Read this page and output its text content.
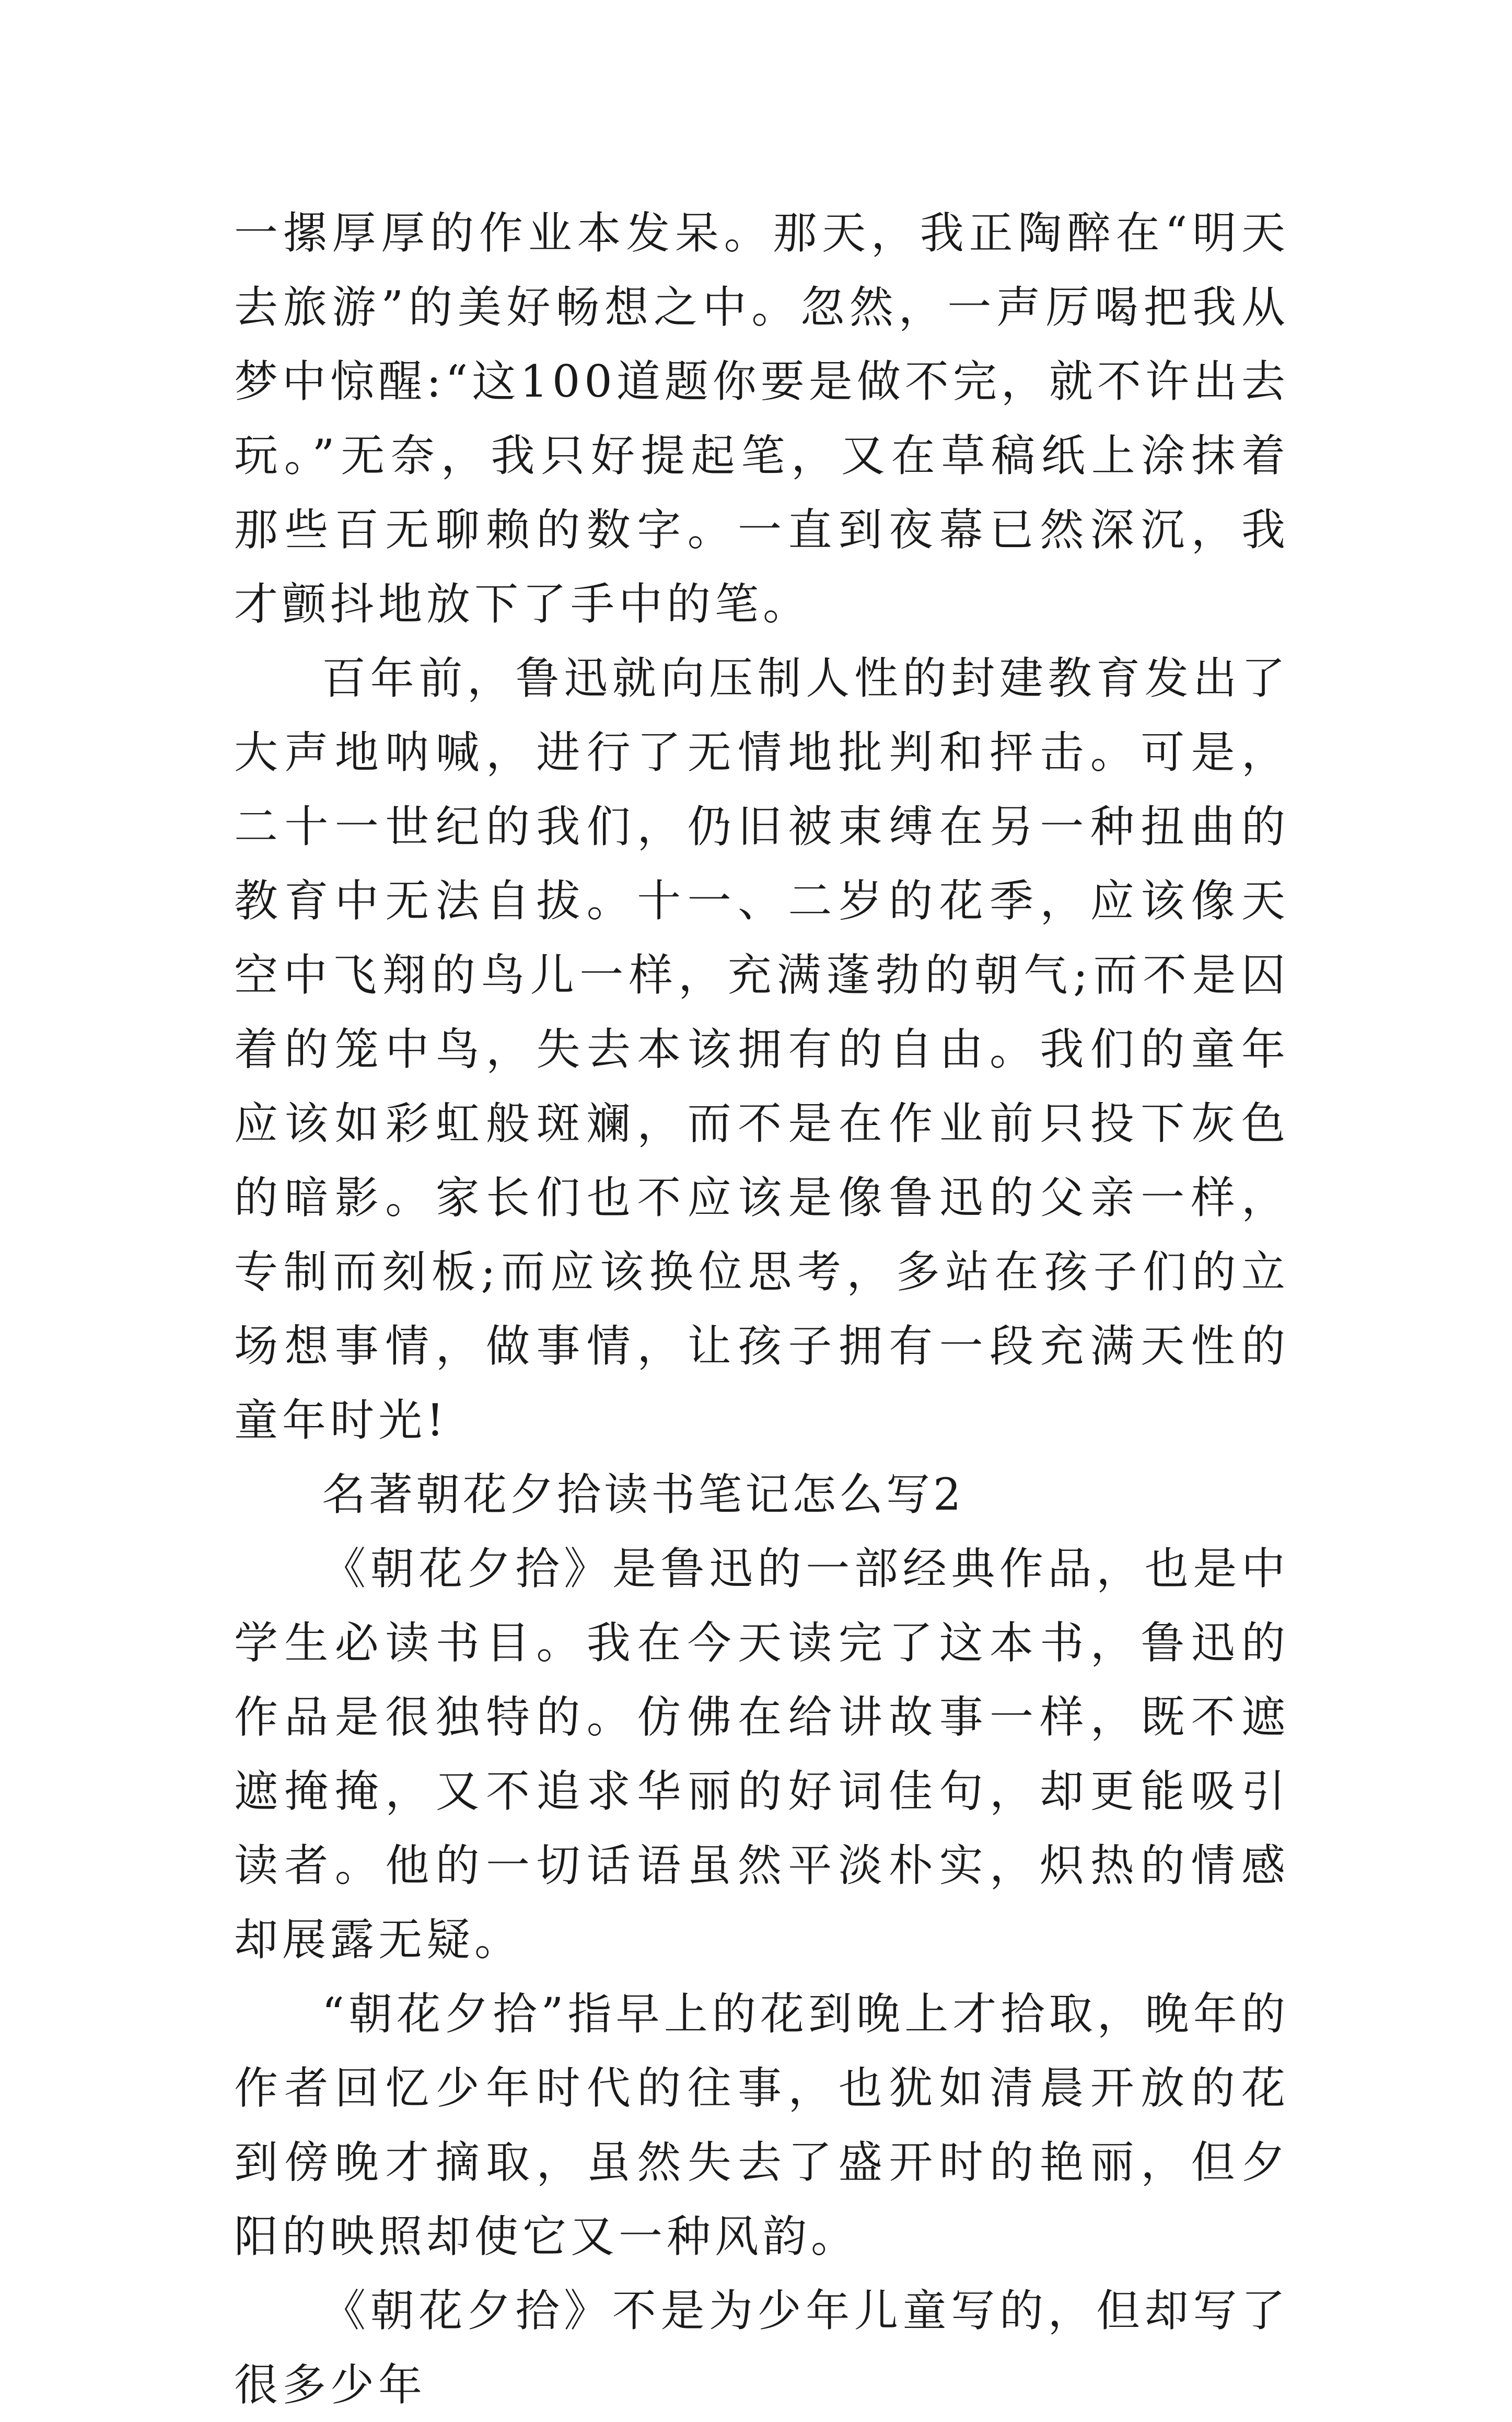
一摞厚厚的作业本发呆。那天，我正陶醉在“明天去旅游”的美好畅想之中。忽然，一声厉喝把我从梦中惊醒:“这100道题你要是做不完，就不许出去玩。”无奈，我只好提起笔，又在草稿纸上涂抹着那些百无聊赖的数字。一直到夜幕已然深沉，我才颤抖地放下了手中的笔。

百年前，鲁迅就向压制人性的封建教育发出了大声地呐喊，进行了无情地批判和抨击。可是，二十一世纪的我们，仍旧被束缚在另一种扭曲的教育中无法自拔。十一、二岁的花季，应该像天空中飞翔的鸟儿一样，充满蓬勃的朝气;而不是囚着的笼中鸟，失去本该拥有的自由。我们的童年应该如彩虹般斑斓，而不是在作业前只投下灰色的暗影。家长们也不应该是像鲁迅的父亲一样，专制而刻板;而应该换位思考，多站在孩子们的立场想事情，做事情，让孩子拥有一段充满天性的童年时光!

名著朝花夕拾读书笔记怎么写2

《朝花夕拾》是鲁迅的一部经典作品，也是中学生必读书目。我在今天读完了这本书，鲁迅的作品是很独特的。仿佛在给讲故事一样，既不遮遮掩掩，又不追求华丽的好词佳句，却更能吸引读者。他的一切话语虽然平淡朴实，炽热的情感却展露无疑。

“朝花夕拾”指早上的花到晚上才拾取，晚年的作者回忆少年时代的往事，也犹如清晨开放的花到傍晚才摘取，虽然失去了盛开时的艳丽，但夕阳的映照却使它又一种风韵。

《朝花夕拾》不是为少年儿童写的，但却写了很多少年
